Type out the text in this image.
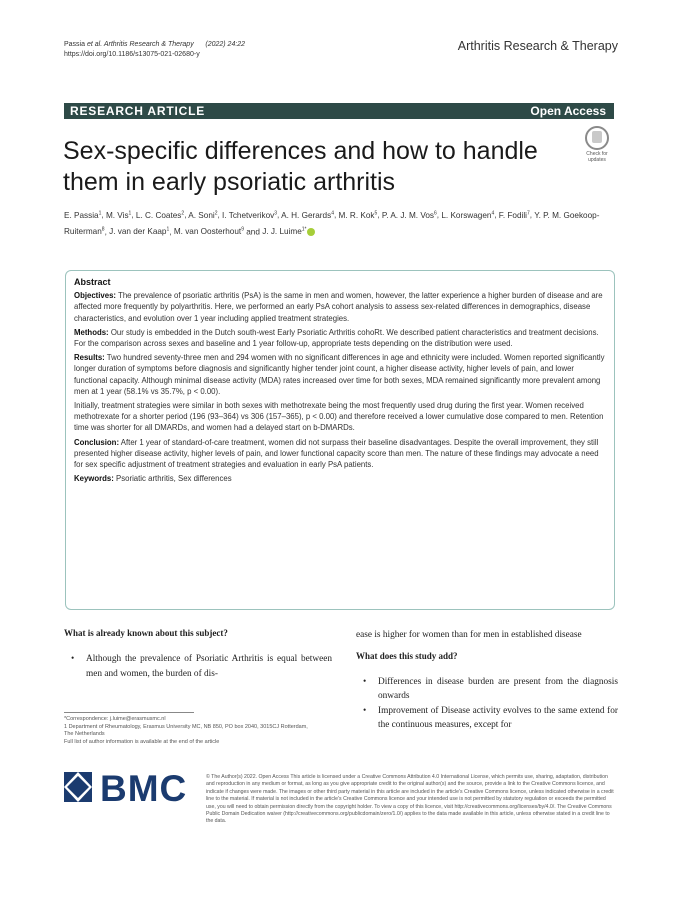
Passia et al. Arthritis Research & Therapy (2022) 24:22
https://doi.org/10.1186/s13075-021-02680-y
Arthritis Research & Therapy
RESEARCH ARTICLE	Open Access
Sex-specific differences and how to handle them in early psoriatic arthritis
Check for updates
E. Passia$^1$, M. Vis$^1$, L. C. Coates$^2$, A. Soni$^2$, I. Tchetverikov$^3$, A. H. Gerards$^4$, M. R. Kok$^5$, P. A. J. M. Vos$^6$, L. Korswagen$^4$, F. Fodili$^7$, Y. P. M. Goekoop-Ruiterman$^8$, J. van der Kaap$^1$, M. van Oosterhout$^9$ and J. J. Luime$^{1*}$
Abstract

Objectives: The prevalence of psoriatic arthritis (PsA) is the same in men and women, however, the latter experience a higher burden of disease and are affected more frequently by polyarthritis. Here, we performed an early PsA cohort analysis to assess sex-related differences in demographics, disease characteristics, and evolution over 1 year including applied treatment strategies.

Methods: Our study is embedded in the Dutch south-west Early Psoriatic Arthritis cohoRt. We described patient characteristics and treatment decisions. For the comparison across sexes and baseline and 1 year follow-up, appropriate tests depending on the distribution were used.

Results: Two hundred seventy-three men and 294 women with no significant differences in age and ethnicity were included. Women reported significantly longer duration of symptoms before diagnosis and significantly higher tender joint count, a higher disease activity, higher levels of pain, and lower functional capacity. Although minimal disease activity (MDA) rates increased over time for both sexes, MDA remained significantly more prevalent among men at 1 year (58.1% vs 35.7%, p < 0.00).

Initially, treatment strategies were similar in both sexes with methotrexate being the most frequently used drug during the first year. Women received methotrexate for a shorter period (196 (93–364) vs 306 (157–365), p < 0.00) and therefore received a lower cumulative dose compared to men. Retention time was shorter for all DMARDs, and women had a delayed start on b-DMARDs.

Conclusion: After 1 year of standard-of-care treatment, women did not surpass their baseline disadvantages. Despite the overall improvement, they still presented higher disease activity, higher levels of pain, and lower functional capacity score than men. The nature of these findings may advocate a need for sex specific adjustment of treatment strategies and evaluation in early PsA patients.

Keywords: Psoriatic arthritis, Sex differences

What is already known about this subject?
• Although the prevalence of Psoriatic Arthritis is equal between men and women, the burden of dis-
ease is higher for women than for men in established disease
What does this study add?
• Differences in disease burden are present from the diagnosis onwards
• Improvement of Disease activity evolves to the same extend for the continuous measures, except for
*Correspondence: j.luime@erasmusmc.nl
1 Department of Rheumatology, Erasmus University MC, NB 850, PO box 2040, 3015CJ Rotterdam, The Netherlands
Full list of author information is available at the end of the article
BMC	© The Author(s) 2022. Open Access This article is licensed under a Creative Commons Attribution 4.0 International License, which permits use, sharing, adaptation, distribution and reproduction in any medium or format, as long as you give appropriate credit to the original author(s) and the source, provide a link to the Creative Commons licence, and indicate if changes were made. The images or other third party material in this article are included in the article's Creative Commons licence, unless indicated otherwise in a credit line to the material. If material is not included in the article's Creative Commons licence and your intended use is not permitted by statutory regulation or exceeds the permitted use, you will need to obtain permission directly from the copyright holder. To view a copy of this licence, visit http://creativecommons.org/licenses/by/4.0/. The Creative Commons Public Domain Dedication waiver (http://creativecommons.org/publicdomain/zero/1.0/) applies to the data made available in this article, unless otherwise stated in a credit line to the data.
